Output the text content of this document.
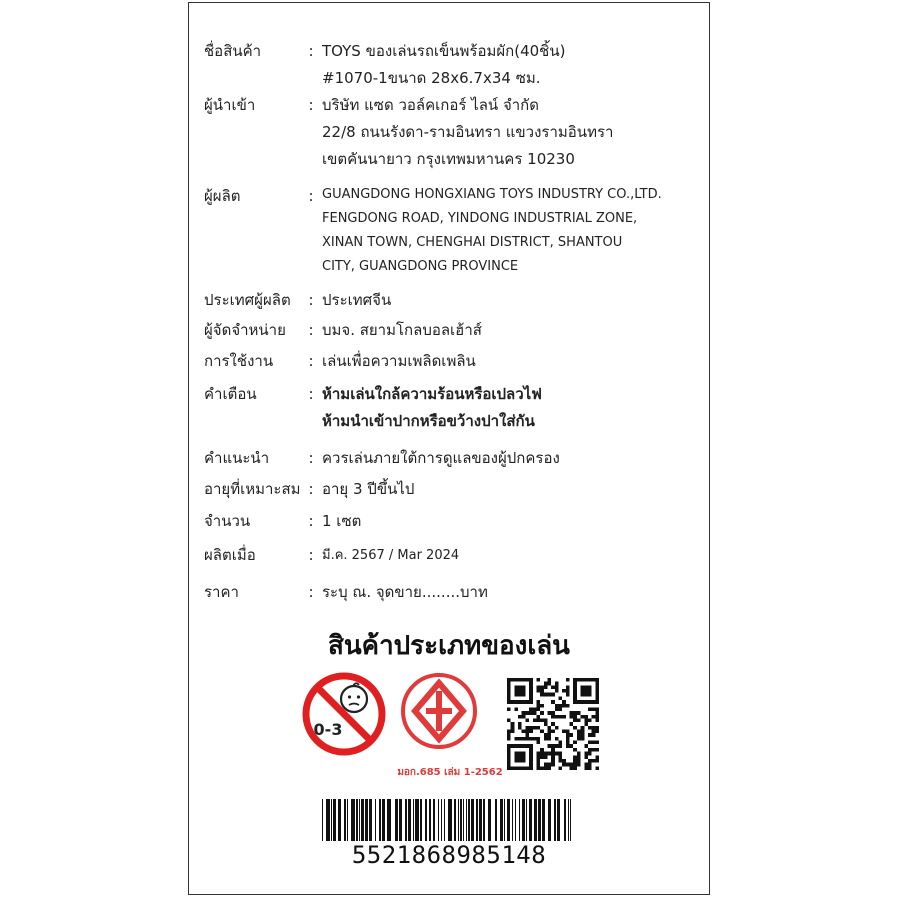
ชื่อสินค้า	: TOYS ของเล่นรถเข็นพร้อมผัก(40ชิ้น)
#1070-1ขนาด 28x6.7x34 ซม.
ผู้นำเข้า	: บริษัท แซด วอล์คเกอร์ ไลน์ จำกัด
22/8 ถนนรังดา-รามอินทรา แขวงรามอินทรา
เขตคันนายาว กรุงเทพมหานคร 10230
ผู้ผลิต	: GUANGDONG HONGXIANG TOYS INDUSTRY CO.,LTD.
FENGDONG ROAD, YINDONG INDUSTRIAL ZONE,
XINAN TOWN, CHENGHAI DISTRICT, SHANTOU
CITY, GUANGDONG PROVINCE
ประเทศผู้ผลิต	: ประเทศจีน
ผู้จัดจำหน่าย	: บมจ. สยามโกลบอลเฮ้าส์
การใช้งาน	: เล่นเพื่อความเพลิดเพลิน
คำเตือน	: ห้ามเล่นใกล้ความร้อนหรือเปลวไฟ
ห้ามนำเข้าปากหรือขว้างปาใส่กัน
คำแนะนำ	: ควรเล่นภายใต้การดูแลของผู้ปกครอง
อายุที่เหมาะสม : อายุ 3 ปีขึ้นไป
จำนวน	: 1 เซต
ผลิตเมื่อ	: มี.ค. 2567 / Mar 2024
ราคา	: ระบุ ณ. จุดขาย........บาท
สินค้าประเภทของเล่น
0-3
มอก.685 เล่ม 1-2562
5521868985148
